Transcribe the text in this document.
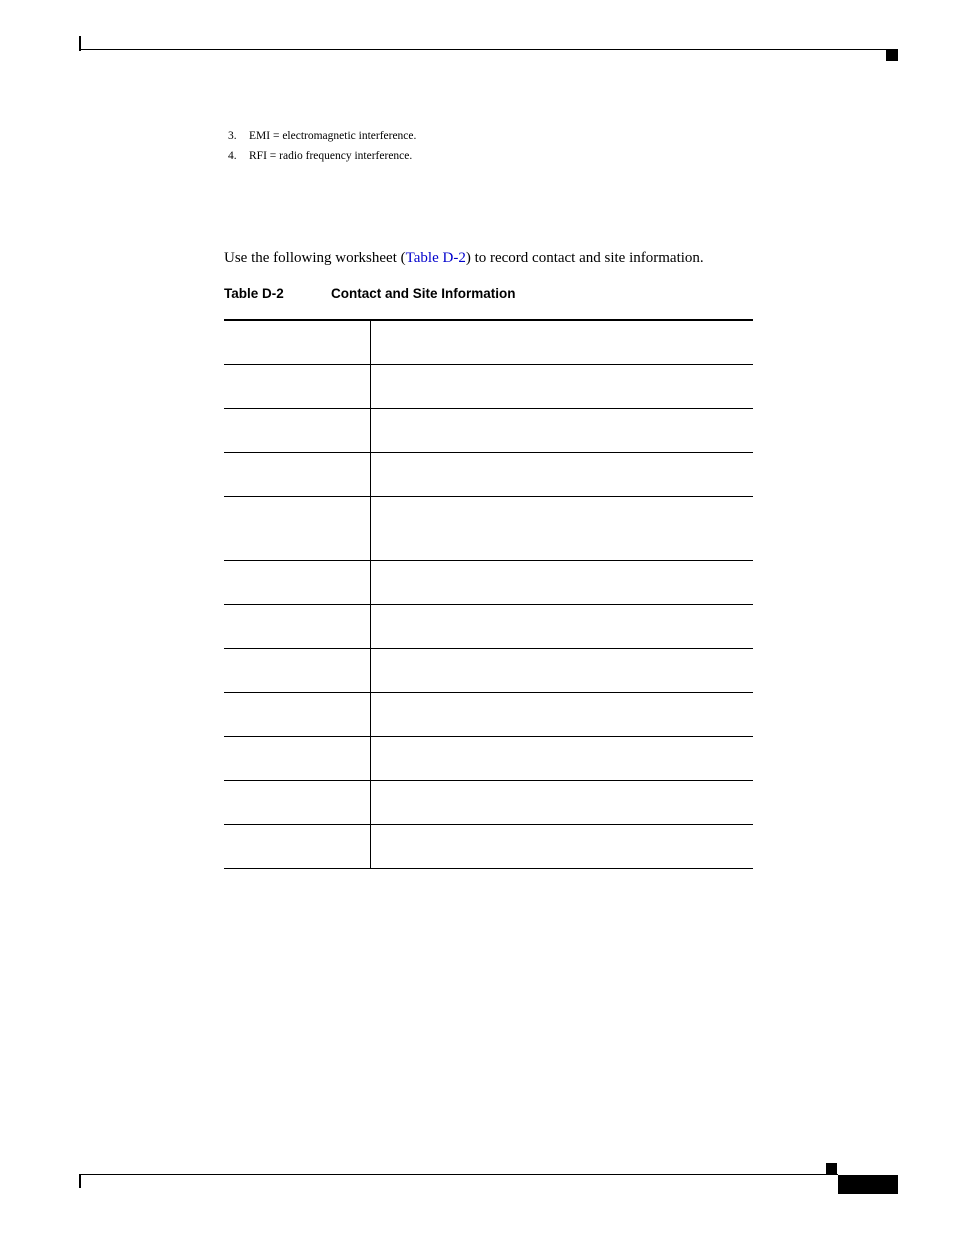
3. EMI = electromagnetic interference.
4. RFI = radio frequency interference.

Use the following worksheet (Table D-2) to record contact and site information.

Table D-2	Contact and Site Information
